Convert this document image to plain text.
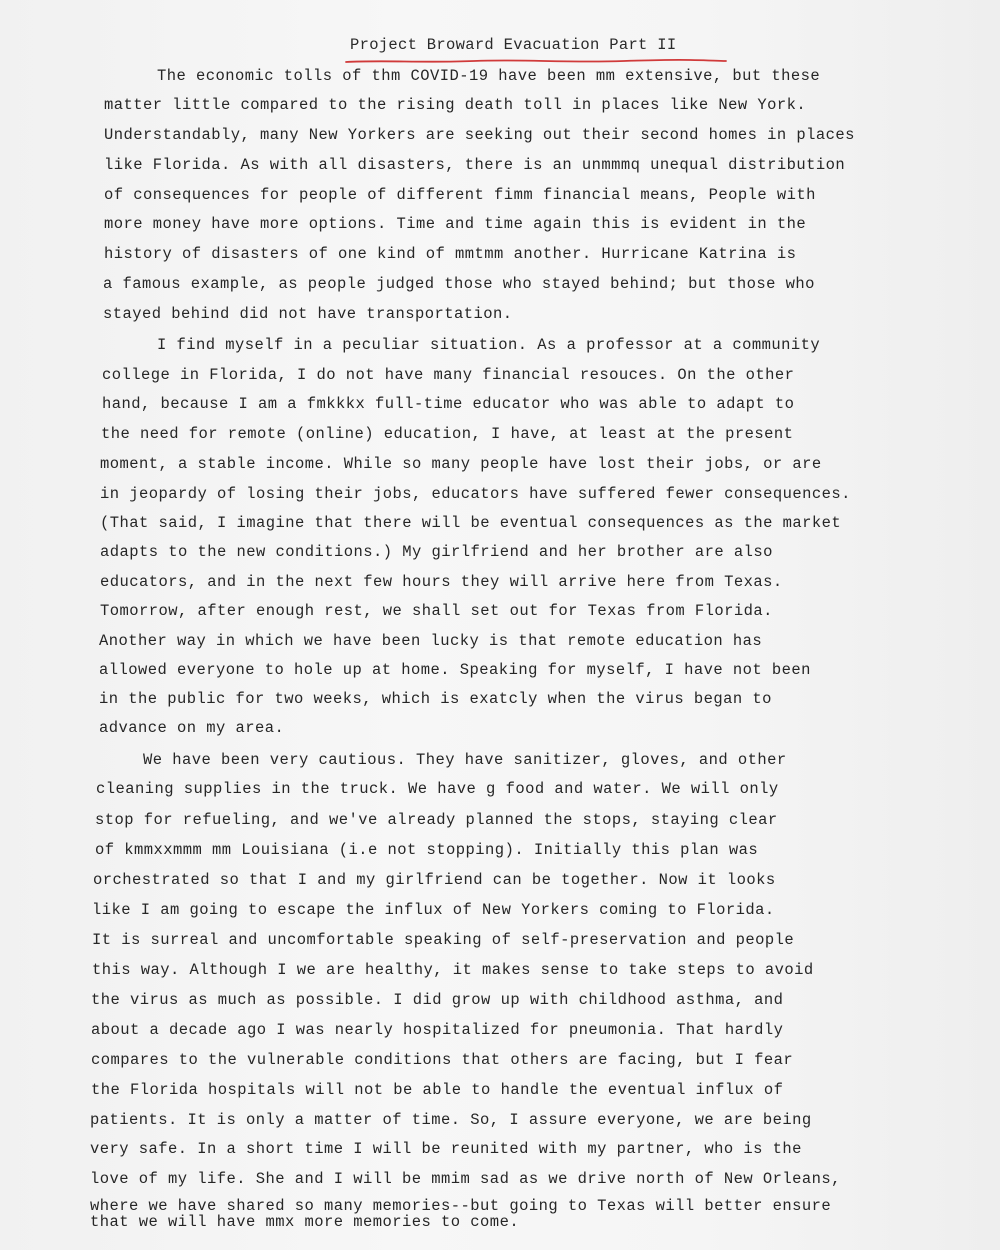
Project Broward Evacuation Part II
The economic tolls of thm COVID-19 have been mm extensive, but these
matter little compared to the rising death toll in places like New York.
Understandably, many New Yorkers are seeking out their second homes in places
like Florida. As with all disasters, there is an unmmmq unequal distribution
of consequences for people of different fimm financial means, People with
more money have more options. Time and time again this is evident in the
history of disasters of one kind of mmtmm another. Hurricane Katrina is
a famous example, as people judged those who stayed behind; but those who
stayed behind did not have transportation.
I find myself in a peculiar situation. As a professor at a community
college in Florida, I do not have many financial resouces. On the other
hand, because I am a fmkkkx full-time educator who was able to adapt to
the need for remote (online) education, I have, at least at the present
moment, a stable income. While so many people have lost their jobs, or are
in jeopardy of losing their jobs, educators have suffered fewer consequences.
(That said, I imagine that there will be eventual consequences as the market
adapts to the new conditions.) My girlfriend and her brother are also
educators, and in the next few hours they will arrive here from Texas.
Tomorrow, after enough rest, we shall set out for Texas from Florida.
Another way in which we have been lucky is that remote education has
allowed everyone to hole up at home. Speaking for myself, I have not been
in the public for two weeks, which is exatcly when the virus began to
advance on my area.
We have been very cautious. They have sanitizer, gloves, and other
cleaning supplies in the truck. We have g food and water. We will only
stop for refueling, and we've already planned the stops, staying clear
of kmmxxmmm mm Louisiana (i.e not stopping). Initially this plan was
orchestrated so that I and my girlfriend can be together. Now it looks
like I am going to escape the influx of New Yorkers coming to Florida.
It is surreal and uncomfortable speaking of self-preservation and people
this way. Although I we are healthy, it makes sense to take steps to avoid
the virus as much as possible. I did grow up with childhood asthma, and
about a decade ago I was nearly hospitalized for pneumonia. That hardly
compares to the vulnerable conditions that others are facing, but I fear
the Florida hospitals will not be able to handle the eventual influx of
patients. It is only a matter of time. So, I assure everyone, we are being
very safe. In a short time I will be reunited with my partner, who is the
love of my life. She and I will be mmim sad as we drive north of New Orleans,
where we have shared so many memories--but going to Texas will better ensure
that we will have mmx more memories to come.
